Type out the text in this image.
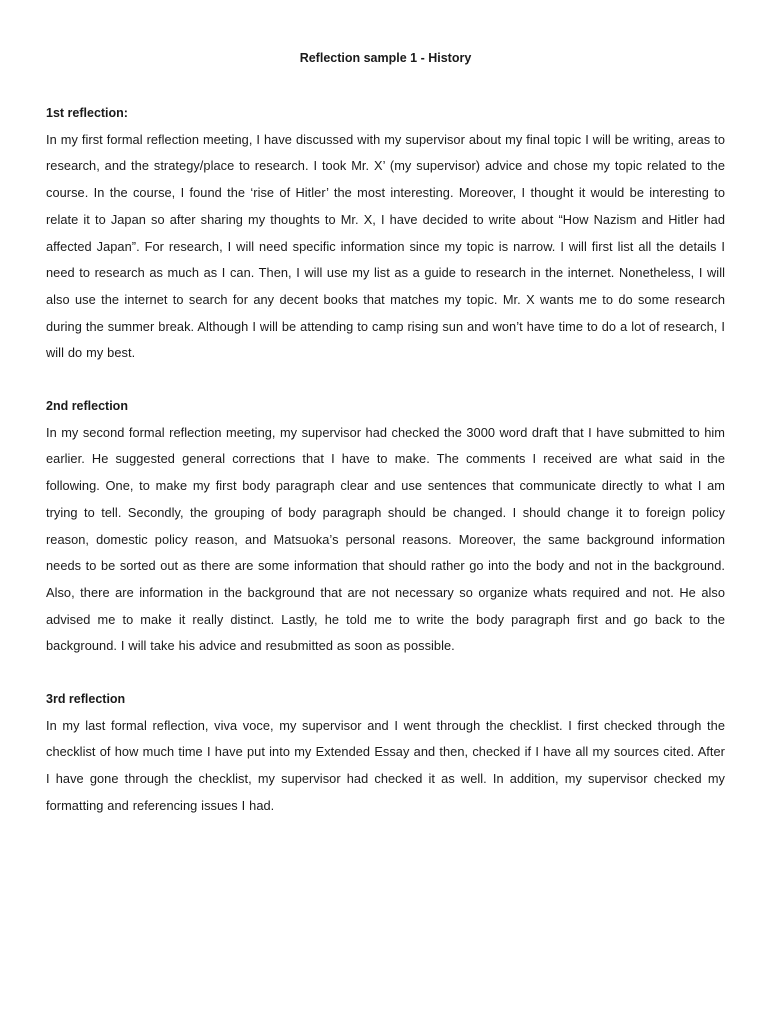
Reflection sample 1 - History
1st reflection:

In my first formal reflection meeting, I have discussed with my supervisor about my final topic I will be writing, areas to research, and the strategy/place to research. I took Mr. X’ (my supervisor) advice and chose my topic related to the course. In the course, I found the ‘rise of Hitler’ the most interesting. Moreover, I thought it would be interesting to relate it to Japan so after sharing my thoughts to Mr. X, I have decided to write about “How Nazism and Hitler had affected Japan”. For research, I will need specific information since my topic is narrow. I will first list all the details I need to research as much as I can. Then, I will use my list as a guide to research in the internet. Nonetheless, I will also use the internet to search for any decent books that matches my topic. Mr. X wants me to do some research during the summer break. Although I will be attending to camp rising sun and won’t have time to do a lot of research, I will do my best.

2nd reflection

In my second formal reflection meeting, my supervisor had checked the 3000 word draft that I have submitted to him earlier. He suggested general corrections that I have to make. The comments I received are what said in the following. One, to make my first body paragraph clear and use sentences that communicate directly to what I am trying to tell. Secondly, the grouping of body paragraph should be changed. I should change it to foreign policy reason, domestic policy reason, and Matsuoka’s personal reasons. Moreover, the same background information needs to be sorted out as there are some information that should rather go into the body and not in the background. Also, there are information in the background that are not necessary so organize whats required and not. He also advised me to make it really distinct. Lastly, he told me to write the body paragraph first and go back to the background. I will take his advice and resubmitted as soon as possible.

3rd reflection

In my last formal reflection, viva voce, my supervisor and I went through the checklist. I first checked through the checklist of how much time I have put into my Extended Essay and then, checked if I have all my sources cited. After I have gone through the checklist, my supervisor had checked it as well. In addition, my supervisor checked my formatting and referencing issues I had.
